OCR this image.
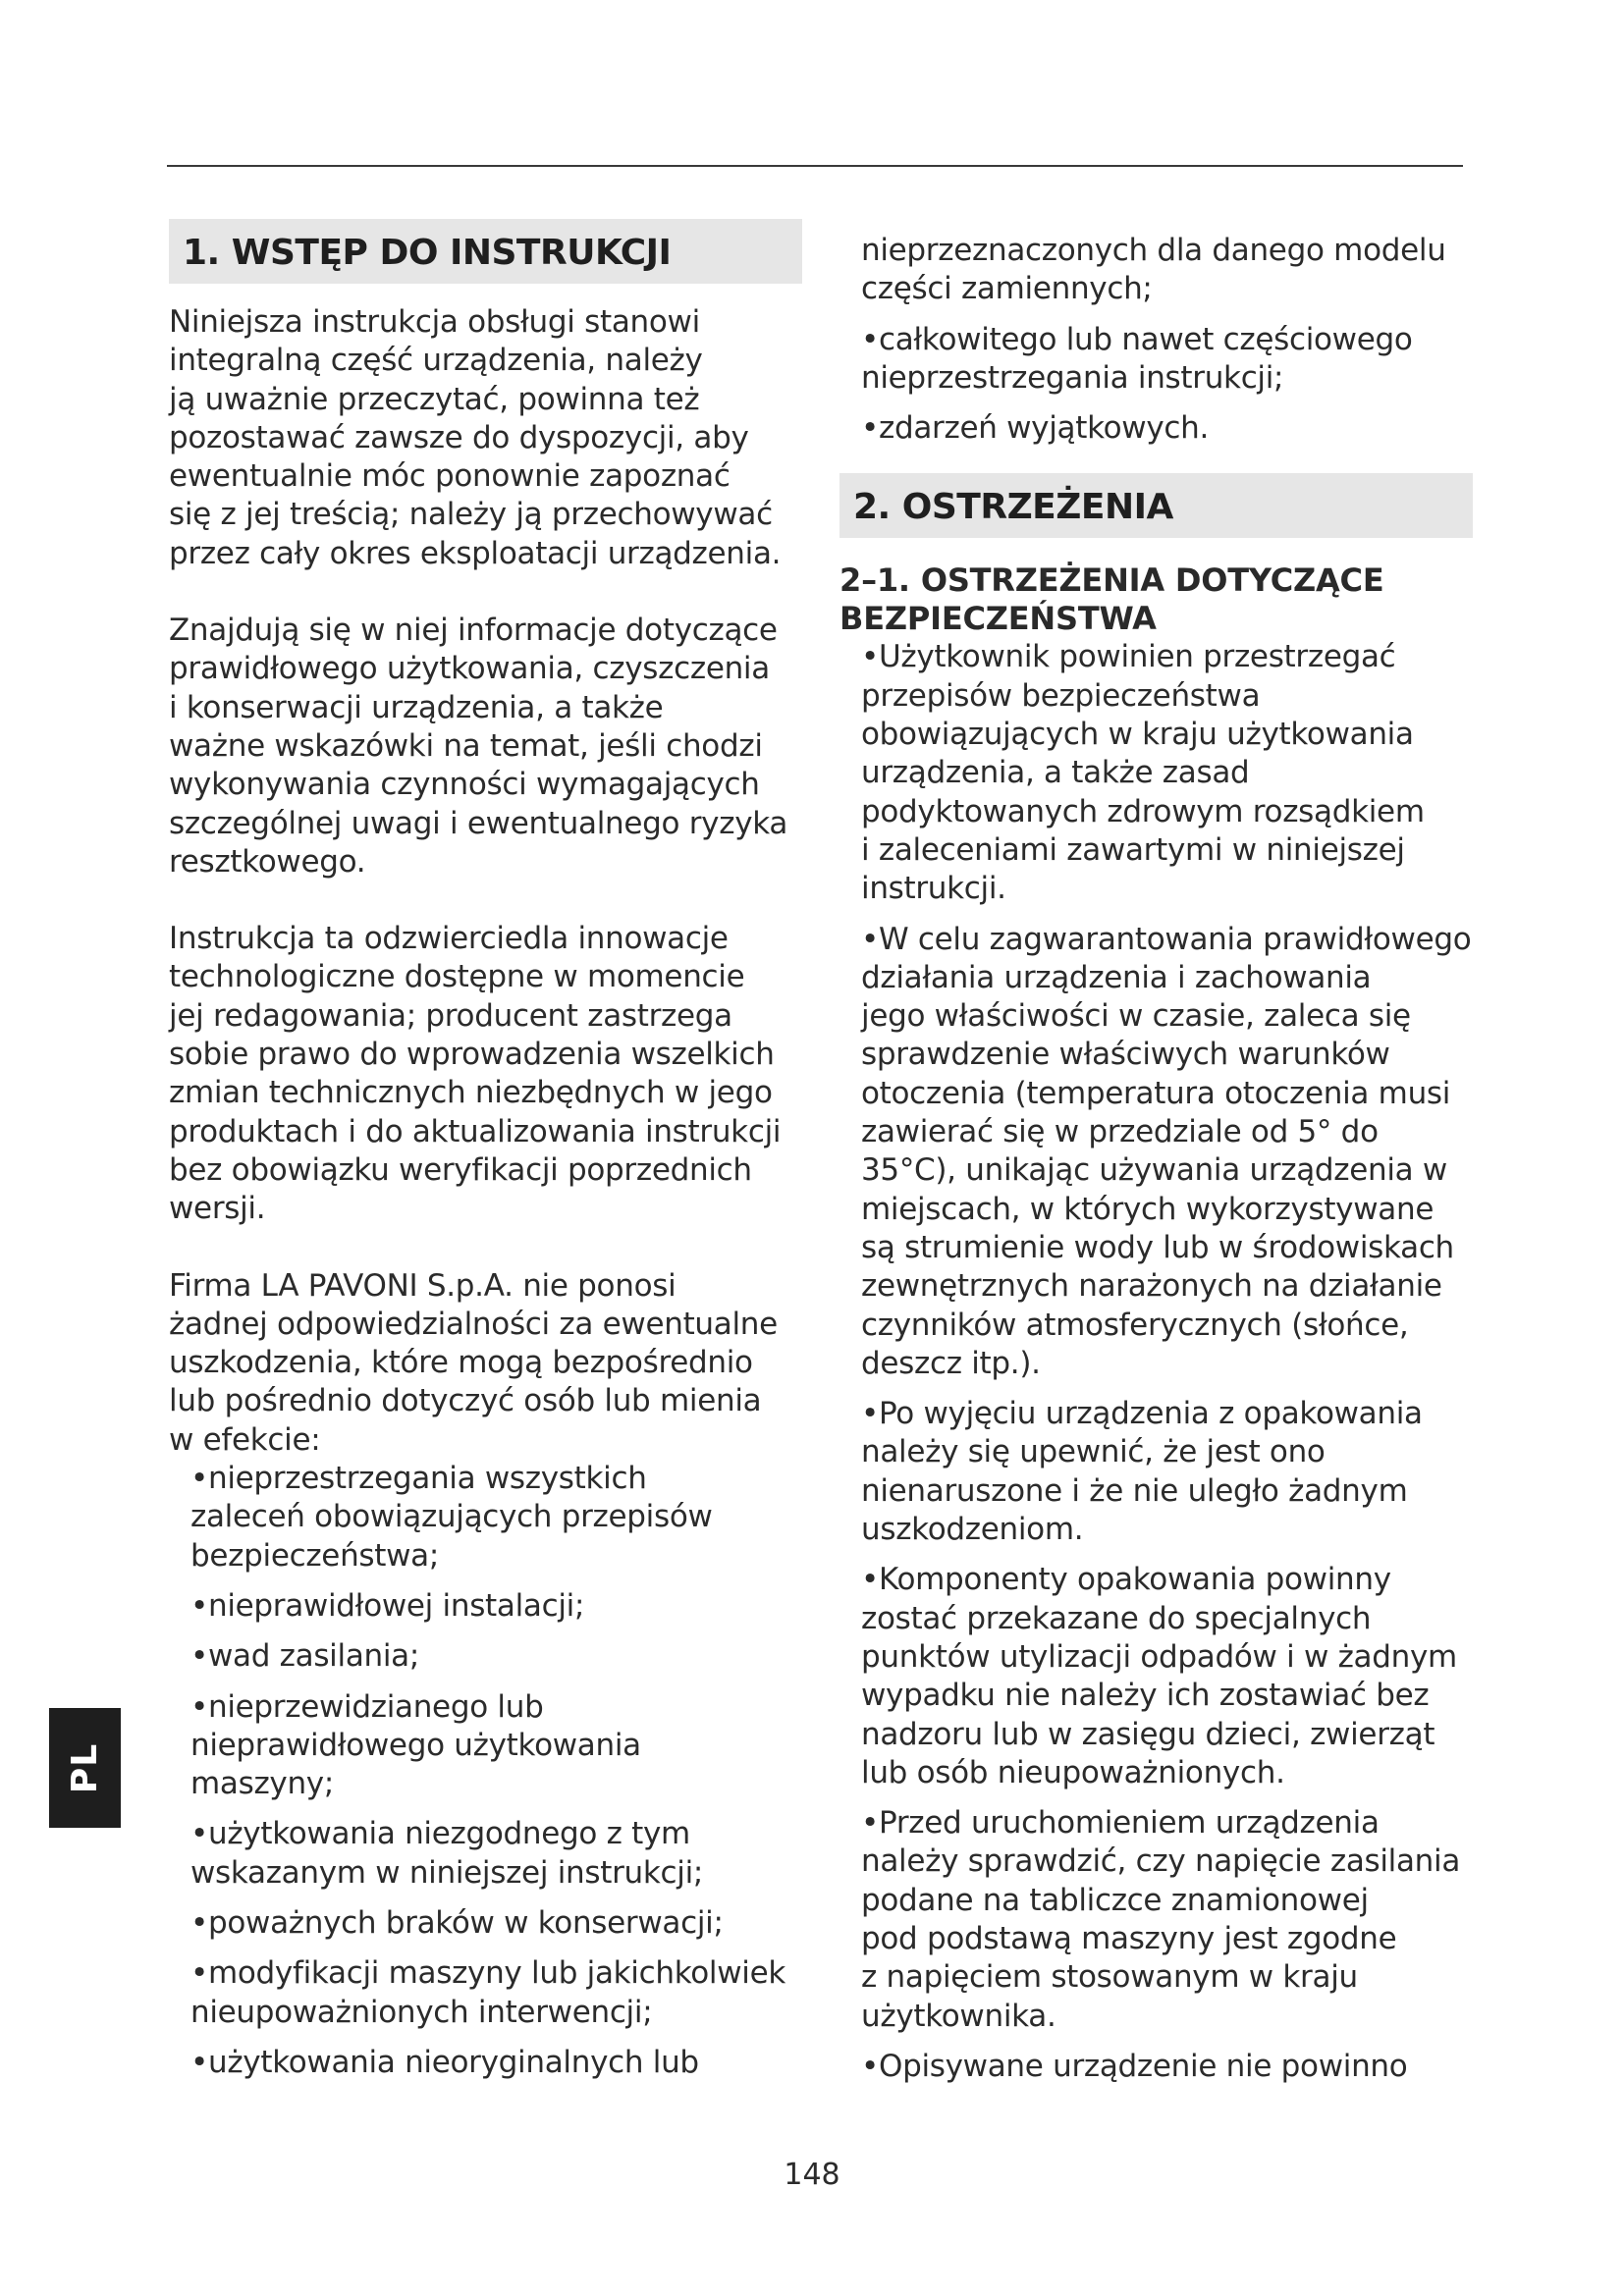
1. WSTĘP DO INSTRUKCJI

Niniejsza instrukcja obsługi stanowi
integralną część urządzenia, należy
ją uważnie przeczytać, powinna też
pozostawać zawsze do dyspozycji, aby
ewentualnie móc ponownie zapoznać
się z jej treścią; należy ją przechowywać
przez cały okres eksploatacji urządzenia.

Znajdują się w niej informacje dotyczące
prawidłowego użytkowania, czyszczenia
i konserwacji urządzenia, a także
ważne wskazówki na temat, jeśli chodzi
wykonywania czynności wymagających
szczególnej uwagi i ewentualnego ryzyka
resztkowego.

Instrukcja ta odzwierciedla innowacje
technologiczne dostępne w momencie
jej redagowania; producent zastrzega
sobie prawo do wprowadzenia wszelkich
zmian technicznych niezbędnych w jego
produktach i do aktualizowania instrukcji
bez obowiązku weryfikacji poprzednich
wersji.

Firma LA PAVONI S.p.A. nie ponosi
żadnej odpowiedzialności za ewentualne
uszkodzenia, które mogą bezpośrednio
lub pośrednio dotyczyć osób lub mienia
w efekcie:

•nieprzestrzegania wszystkich
zaleceń obowiązujących przepisów
bezpieczeństwa;
•nieprawidłowej instalacji;
•wad zasilania;
•nieprzewidzianego lub
nieprawidłowego użytkowania
maszyny;
•użytkowania niezgodnego z tym
wskazanym w niniejszej instrukcji;
•poważnych braków w konserwacji;
•modyfikacji maszyny lub jakichkolwiek
nieupoważnionych interwencji;
•użytkowania nieoryginalnych lub
nieprzeznaczonych dla danego modelu
części zamiennych;
•całkowitego lub nawet częściowego
nieprzestrzegania instrukcji;
•zdarzeń wyjątkowych.
2. OSTRZEŻENIA
2–1. OSTRZEŻENIA DOTYCZĄCE
BEZPIECZEŃSTWA
•Użytkownik powinien przestrzegać
przepisów bezpieczeństwa
obowiązujących w kraju użytkowania
urządzenia, a także zasad
podyktowanych zdrowym rozsądkiem
i zaleceniami zawartymi w niniejszej
instrukcji.
•W celu zagwarantowania prawidłowego
działania urządzenia i zachowania
jego właściwości w czasie, zaleca się
sprawdzenie właściwych warunków
otoczenia (temperatura otoczenia musi
zawierać się w przedziale od 5° do
35°C), unikając używania urządzenia w
miejscach, w których wykorzystywane
są strumienie wody lub w środowiskach
zewnętrznych narażonych na działanie
czynników atmosferycznych (słońce,
deszcz itp.).
•Po wyjęciu urządzenia z opakowania
należy się upewnić, że jest ono
nienaruszone i że nie uległo żadnym
uszkodzeniom.
•Komponenty opakowania powinny
zostać przekazane do specjalnych
punktów utylizacji odpadów i w żadnym
wypadku nie należy ich zostawiać bez
nadzoru lub w zasięgu dzieci, zwierząt
lub osób nieupoważnionych.
•Przed uruchomieniem urządzenia
należy sprawdzić, czy napięcie zasilania
podane na tabliczce znamionowej
pod podstawą maszyny jest zgodne
z napięciem stosowanym w kraju
użytkownika.
•Opisywane urządzenie nie powinno
PL
148
